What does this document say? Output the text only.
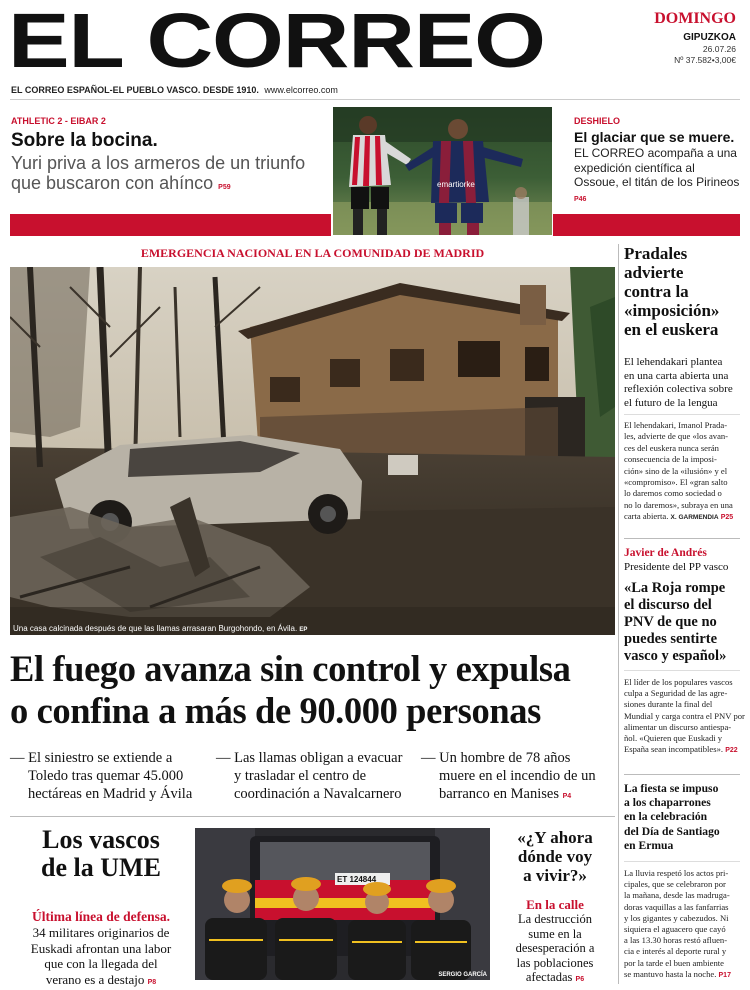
EL CORREO
EL CORREO ESPAÑOL-EL PUEBLO VASCO. DESDE 1910. www.elcorreo.com
DOMINGO
GIPUZKOA
26.07.26
Nº 37.582•3,00€
ATHLETIC 2 - EIBAR 2
Sobre la bocina.
Yuri priva a los armeros de un triunfo que buscaron con ahínco P59	emartiorke
DESHIELO
El glaciar que se muere.
EL CORREO acompaña a una expedición científica al Ossoue, el titán de los Pirineos P46
EMERGENCIA NACIONAL EN LA COMUNIDAD DE MADRID
Una casa calcinada después de que las llamas arrasaran Burgohondo, en Ávila. EP
El fuego avanza sin control y expulsa
o confina a más de 90.000 personas
— El siniestro se extiende a
Toledo tras quemar 45.000
hectáreas en Madrid y Ávila
— Las llamas obligan a evacuar
y trasladar el centro de
coordinación a Navalcarnero
— Un hombre de 78 años
muere en el incendio de un
barranco en Manises P4
Los vascos
de la UME
Última línea de defensa.
34 militares originarios de
Euskadi afrontan una labor
que con la llegada del
verano es a destajo P8
ET 124844
SERGIO GARCÍA
«¿Y ahora
dónde voy
a vivir?»
En la calle
La destrucción
sume en la
desesperación a
las poblaciones
afectadas P6
Pradales
advierte
contra la
«imposición»
en el euskera
El lehendakari plantea
en una carta abierta una
reflexión colectiva sobre
el futuro de la lengua
El lehendakari, Imanol Prada-
les, advierte de que «los avan-
ces del euskera nunca serán
consecuencia de la imposi-
ción» sino de la «ilusión» y el
«compromiso». El «gran salto
lo daremos como sociedad o
no lo daremos», subraya en una
carta abierta. X. GARMENDIA P25
Javier de Andrés
Presidente del PP vasco
«La Roja rompe
el discurso del
PNV de que no
puedes sentirte
vasco y español»
El líder de los populares vascos
culpa a Seguridad de las agre-
siones durante la final del
Mundial y carga contra el PNV por
alimentar un discurso antiespa-
ñol. «Quieren que Euskadi y
España sean incompatibles». P22
La fiesta se impuso
a los chaparrones
en la celebración
del Día de Santiago
en Ermua
La lluvia respetó los actos pri-
cipales, que se celebraron por
la mañana, desde las madruga-
doras vaquillas a las fanfarrias
y los gigantes y cabezudos. Ni
siquiera el aguacero que cayó
a las 13.30 horas restó afluen-
cia e interés al deporte rural y
por la tarde el buen ambiente
se mantuvo hasta la noche. P17
